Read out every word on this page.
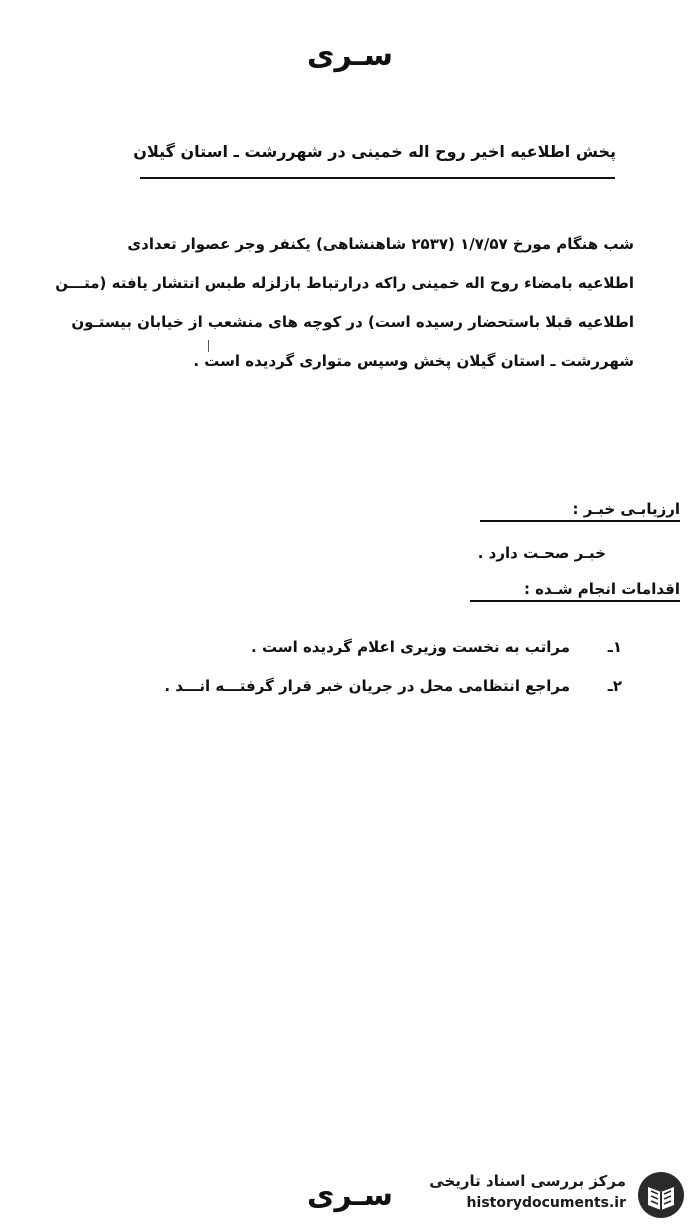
سـری
پخش اطلاعیه اخیر روح اله خمینی در شهررشت ـ استان گیلان
شب هنگام مورخ ۱/۷/۵۷ (۲۵۳۷ شاهنشاهی) یکنفر وجر عصوار تعدادی
اطلاعیه بامضاء روح اله خمینی راکه درارتباط بازلزله طبس انتشار یافته (متـــن
اطلاعیه قبلا باستحضار رسیده است) در کوچه های منشعب از خیابان بیستـون
شهررشت ـ استان گیلان پخش وسپس متواری گردیده است .
ارزیابـی خبـر :
خبـر صحـت دارد .
اقدامات انجام شـده :
۱ـ
مراتب به نخست وزیری اعلام گردیده است .
۲ـ
مراجع انتظامی محل در جریان خبر قرار گرفتـــه انـــد .
سـری	مرکز بررسی اسناد تاریخی
historydocuments.ir
